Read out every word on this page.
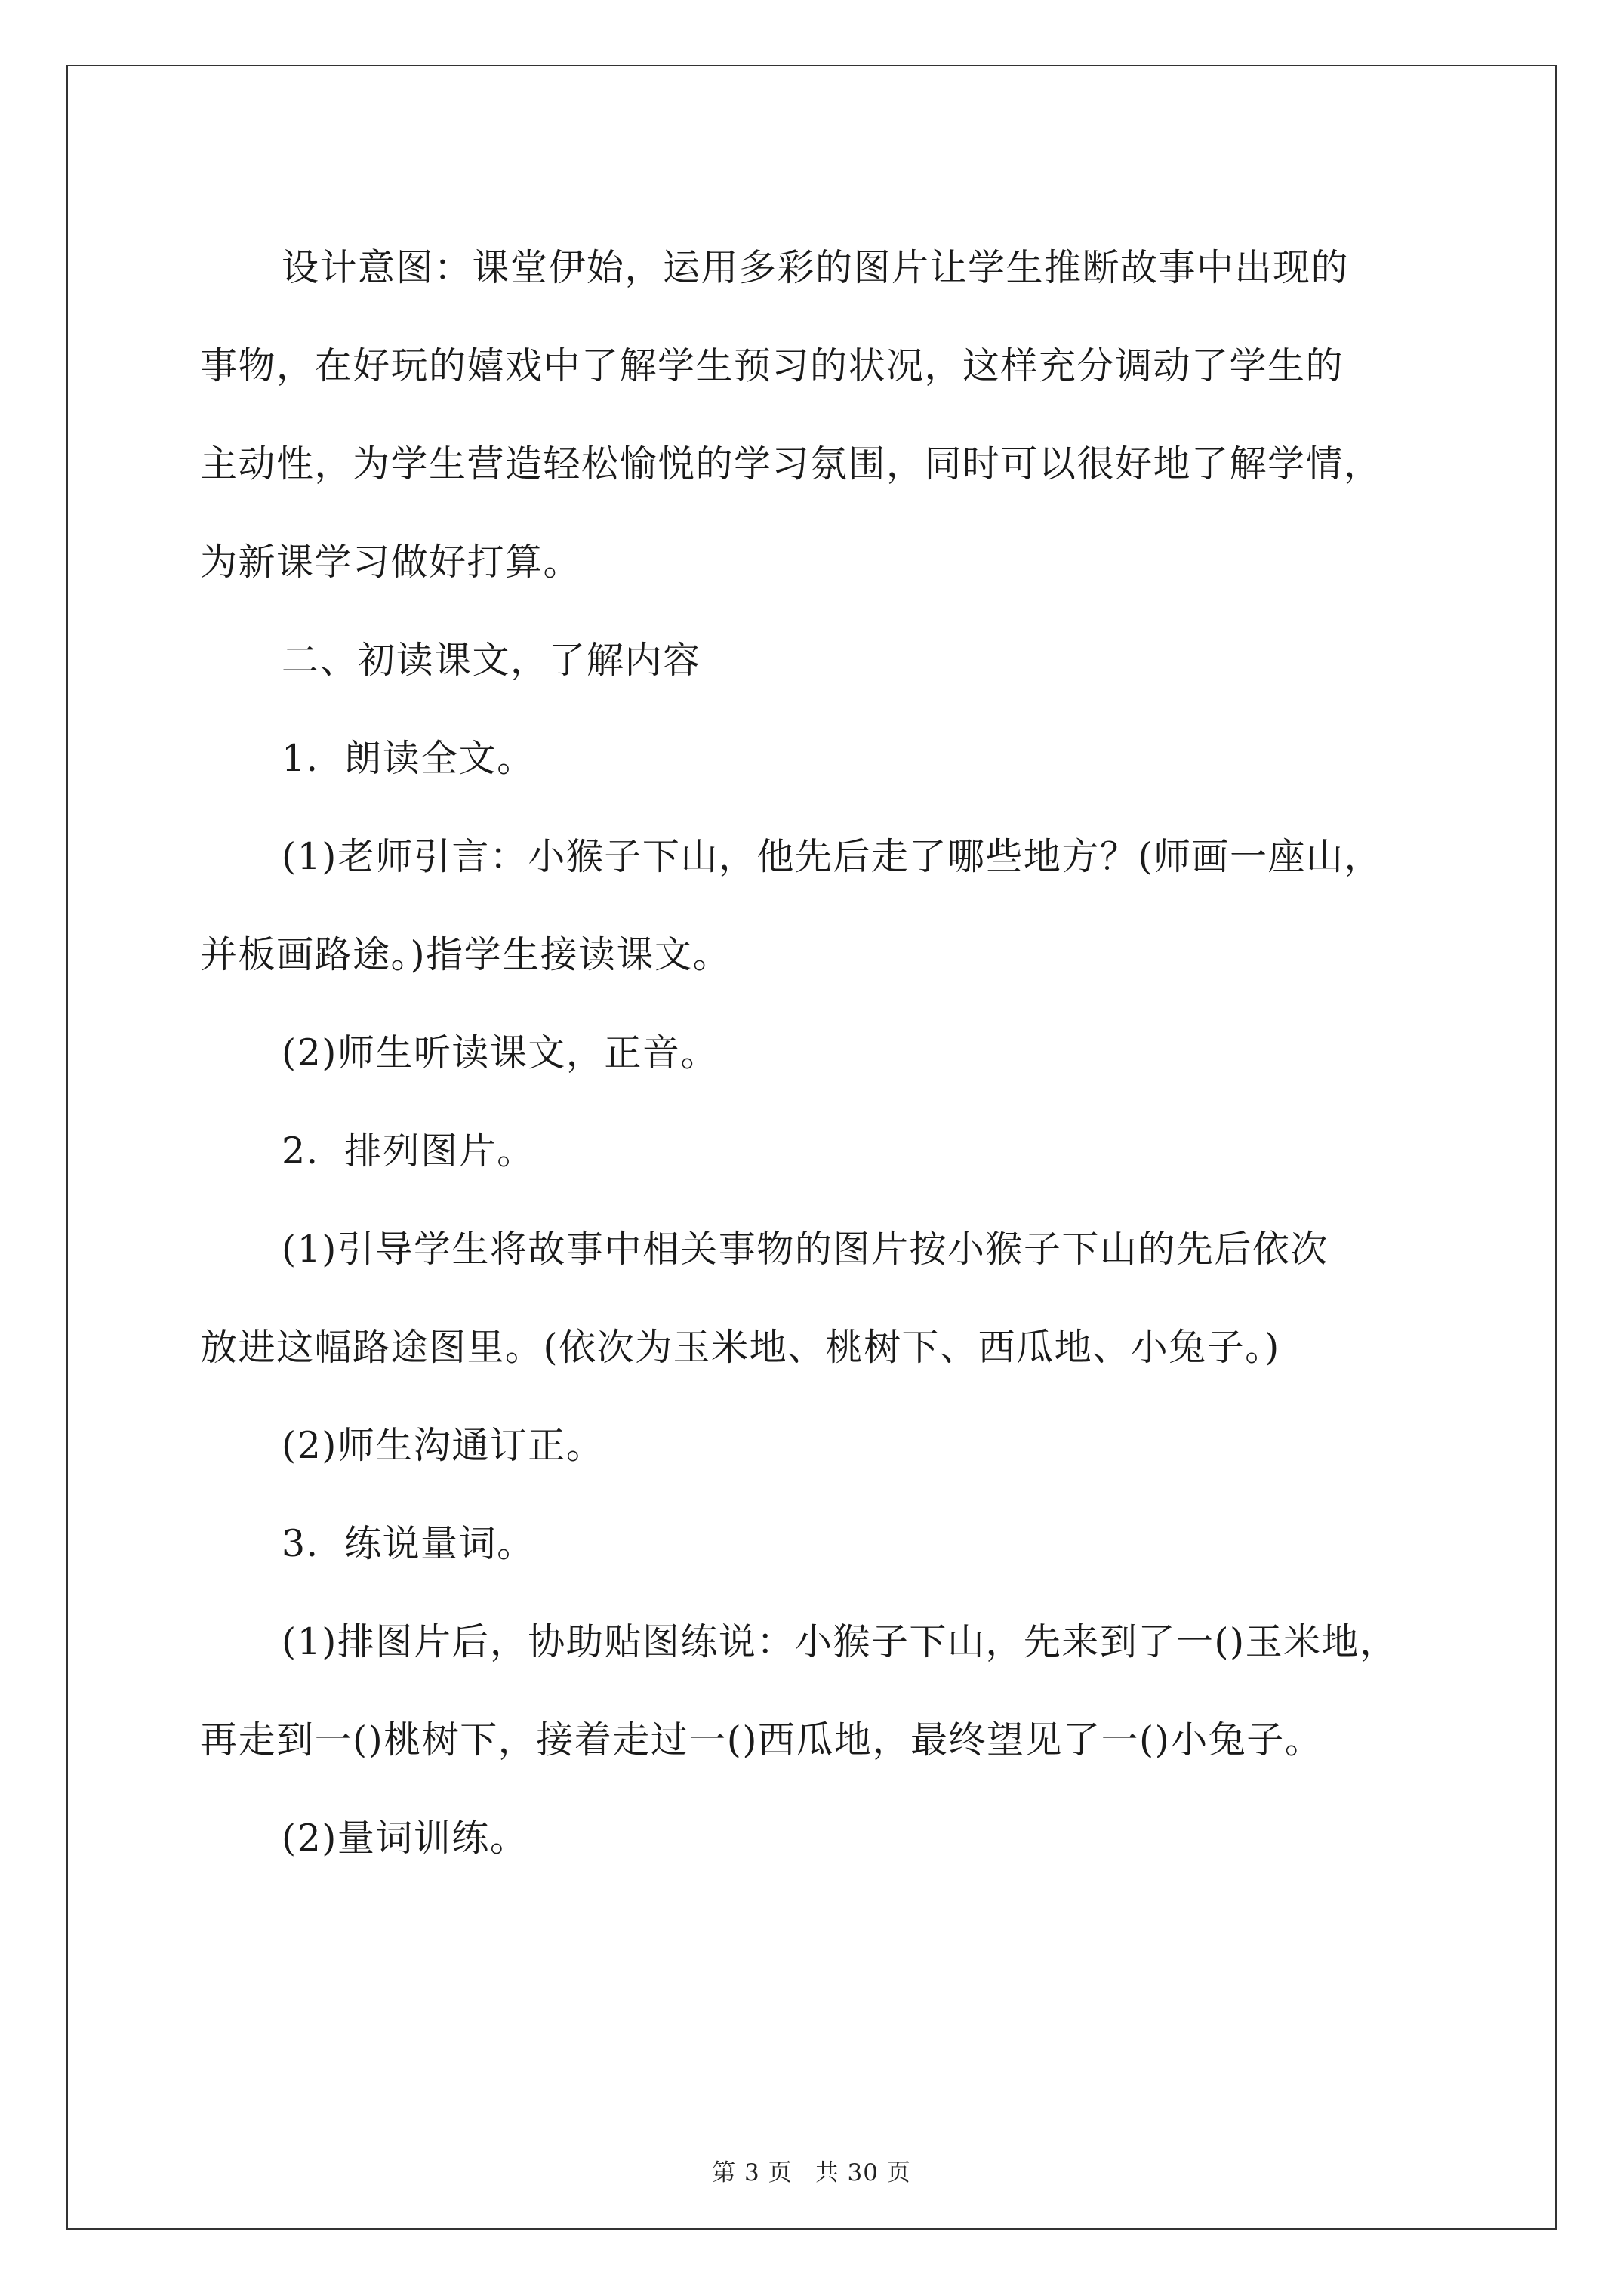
设计意图：课堂伊始，运用多彩的图片让学生推断故事中出现的
事物，在好玩的嬉戏中了解学生预习的状况，这样充分调动了学生的
主动性，为学生营造轻松愉悦的学习氛围，同时可以很好地了解学情，
为新课学习做好打算。

二、初读课文，了解内容

1．朗读全文。

(1)老师引言：小猴子下山，他先后走了哪些地方？(师画一座山，
并板画路途。)指学生接读课文。

(2)师生听读课文，正音。

2．排列图片。

(1)引导学生将故事中相关事物的图片按小猴子下山的先后依次
放进这幅路途图里。(依次为玉米地、桃树下、西瓜地、小兔子。)

(2)师生沟通订正。

3．练说量词。

(1)排图片后，协助贴图练说：小猴子下山，先来到了一()玉米地，
再走到一()桃树下，接着走过一()西瓜地，最终望见了一()小兔子。

(2)量词训练。

第 3 页 共 30 页
